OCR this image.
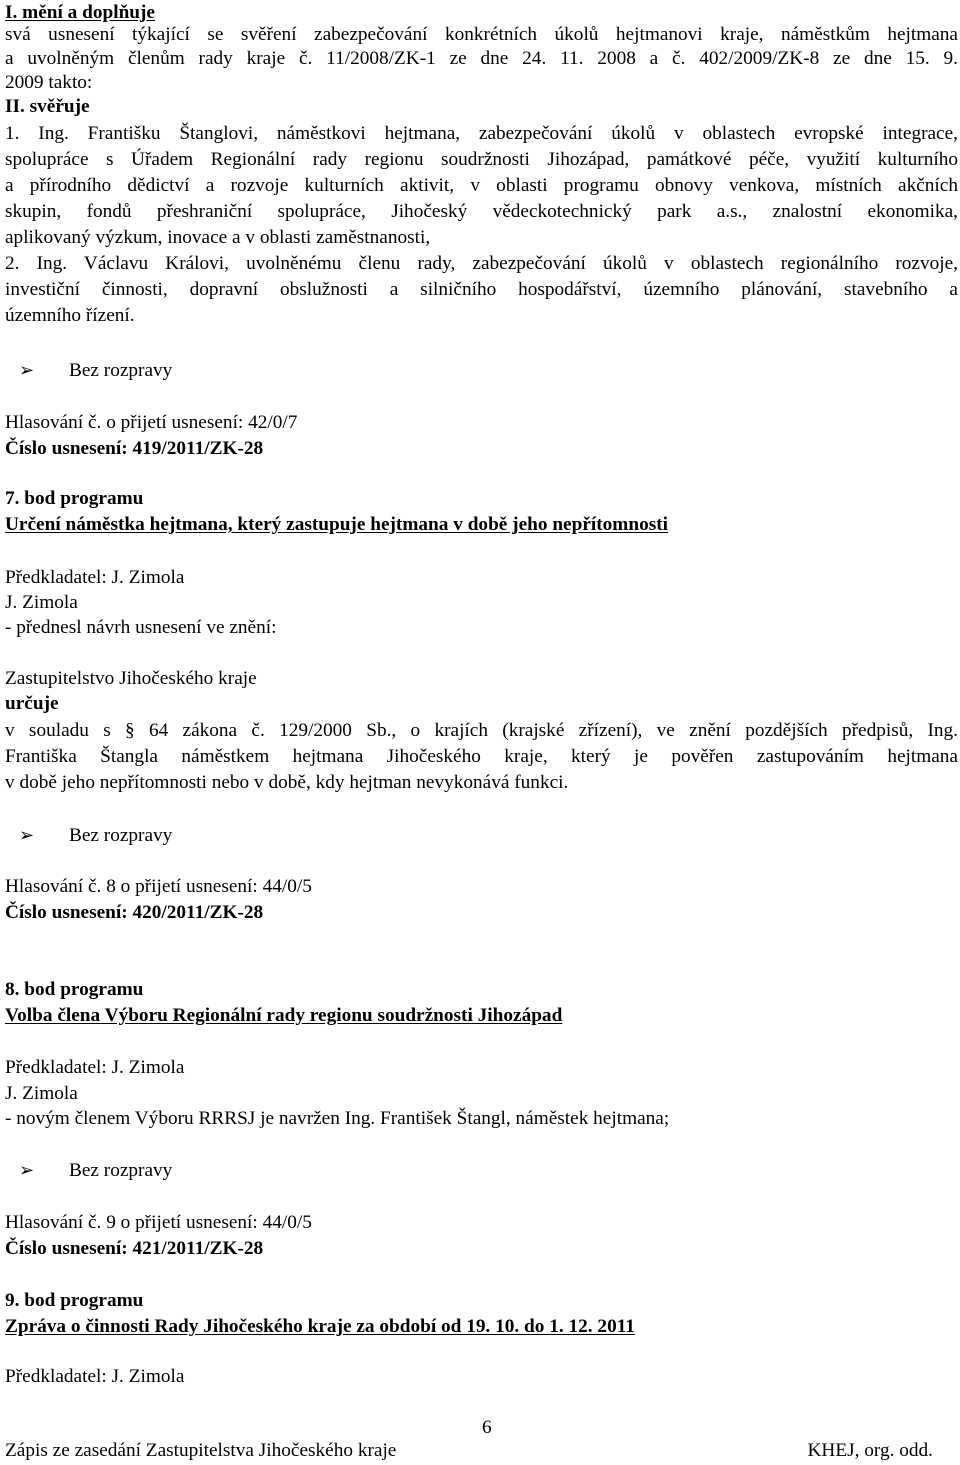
I. mění a doplňuje
svá usnesení týkající se svěření zabezpečování konkrétních úkolů hejtmanovi kraje, náměstkům hejtmana
a uvolněným členům rady kraje č. 11/2008/ZK-1 ze dne 24. 11. 2008 a č. 402/2009/ZK-8 ze dne 15. 9.
2009 takto:
II. svěřuje
1. Ing. Františku Štanglovi, náměstkovi hejtmana, zabezpečování úkolů v oblastech evropské integrace,
spolupráce s Úřadem Regionální rady regionu soudržnosti Jihozápad, památkové péče, využití kulturního
a přírodního dědictví a rozvoje kulturních aktivit, v oblasti programu obnovy venkova, místních akčních
skupin, fondů přeshraniční spolupráce, Jihočeský vědeckotechnický park a.s., znalostní ekonomika,
aplikovaný výzkum, inovace a v oblasti zaměstnanosti,
2. Ing. Václavu Královi, uvolněnému členu rady, zabezpečování úkolů v oblastech regionálního rozvoje,
investiční činnosti, dopravní obslužnosti a silničního hospodářství, územního plánování, stavebního a
územního řízení.
➢ Bez rozpravy
Hlasování č. o přijetí usnesení: 42/0/7
Číslo usnesení: 419/2011/ZK-28
7. bod programu
Určení náměstka hejtmana, který zastupuje hejtmana v době jeho nepřítomnosti
Předkladatel: J. Zimola
J. Zimola
- přednesl návrh usnesení ve znění:
Zastupitelstvo Jihočeského kraje
určuje
v souladu s § 64 zákona č. 129/2000 Sb., o krajích (krajské zřízení), ve znění pozdějších předpisů, Ing.
Františka Štangla náměstkem hejtmana Jihočeského kraje, který je pověřen zastupováním hejtmana
v době jeho nepřítomnosti nebo v době, kdy hejtman nevykonává funkci.
➢ Bez rozpravy
Hlasování č. 8 o přijetí usnesení: 44/0/5
Číslo usnesení: 420/2011/ZK-28
8. bod programu
Volba člena Výboru Regionální rady regionu soudržnosti Jihozápad
Předkladatel: J. Zimola
J. Zimola
- novým členem Výboru RRRSJ je navržen Ing. František Štangl, náměstek hejtmana;
➢ Bez rozpravy
Hlasování č. 9 o přijetí usnesení: 44/0/5
Číslo usnesení: 421/2011/ZK-28
9. bod programu
Zpráva o činnosti Rady Jihočeského kraje za období od 19. 10. do 1. 12. 2011
Předkladatel: J. Zimola
6
Zápis ze zasedání Zastupitelstva Jihočeského kraje	KHEJ, org. odd.
